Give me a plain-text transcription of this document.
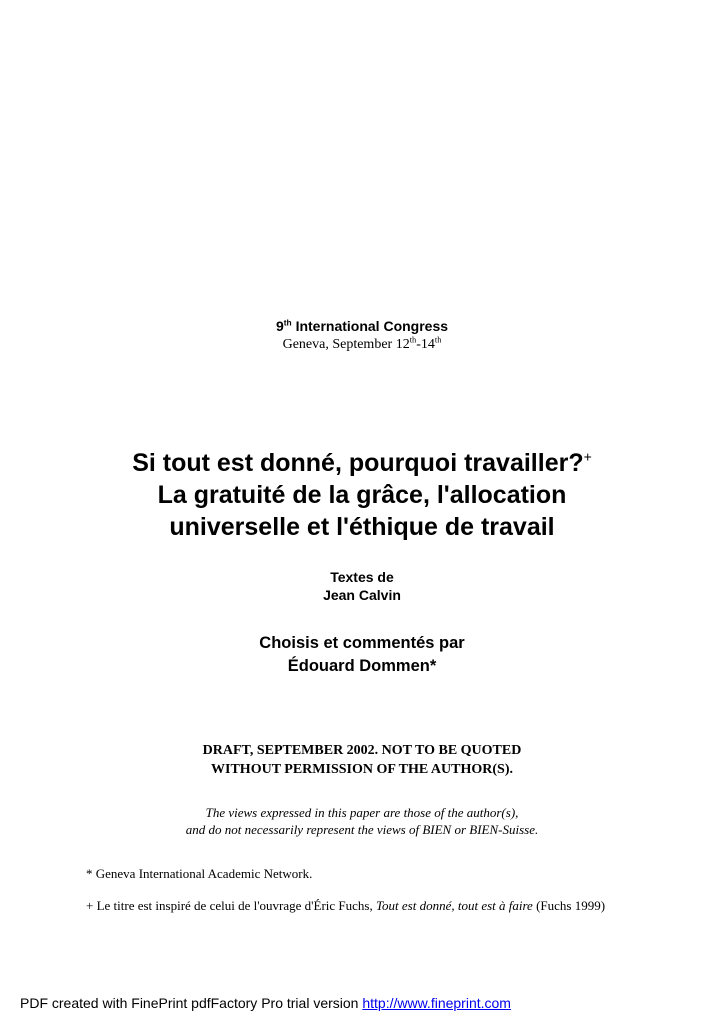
9th International Congress
Geneva, September 12th-14th
Si tout est donné, pourquoi travailler?+
La gratuité de la grâce, l'allocation
universelle et l'éthique de travail
Textes de
Jean Calvin
Choisis et commentés par
Édouard Dommen*
DRAFT, SEPTEMBER 2002. NOT TO BE QUOTED
WITHOUT PERMISSION OF THE AUTHOR(S).
The views expressed in this paper are those of the author(s),
and do not necessarily represent the views of BIEN or BIEN-Suisse.
* Geneva International Academic Network.
+ Le titre est inspiré de celui de l'ouvrage d'Éric Fuchs, Tout est donné, tout est à faire (Fuchs 1999)
PDF created with FinePrint pdfFactory Pro trial version http://www.fineprint.com
